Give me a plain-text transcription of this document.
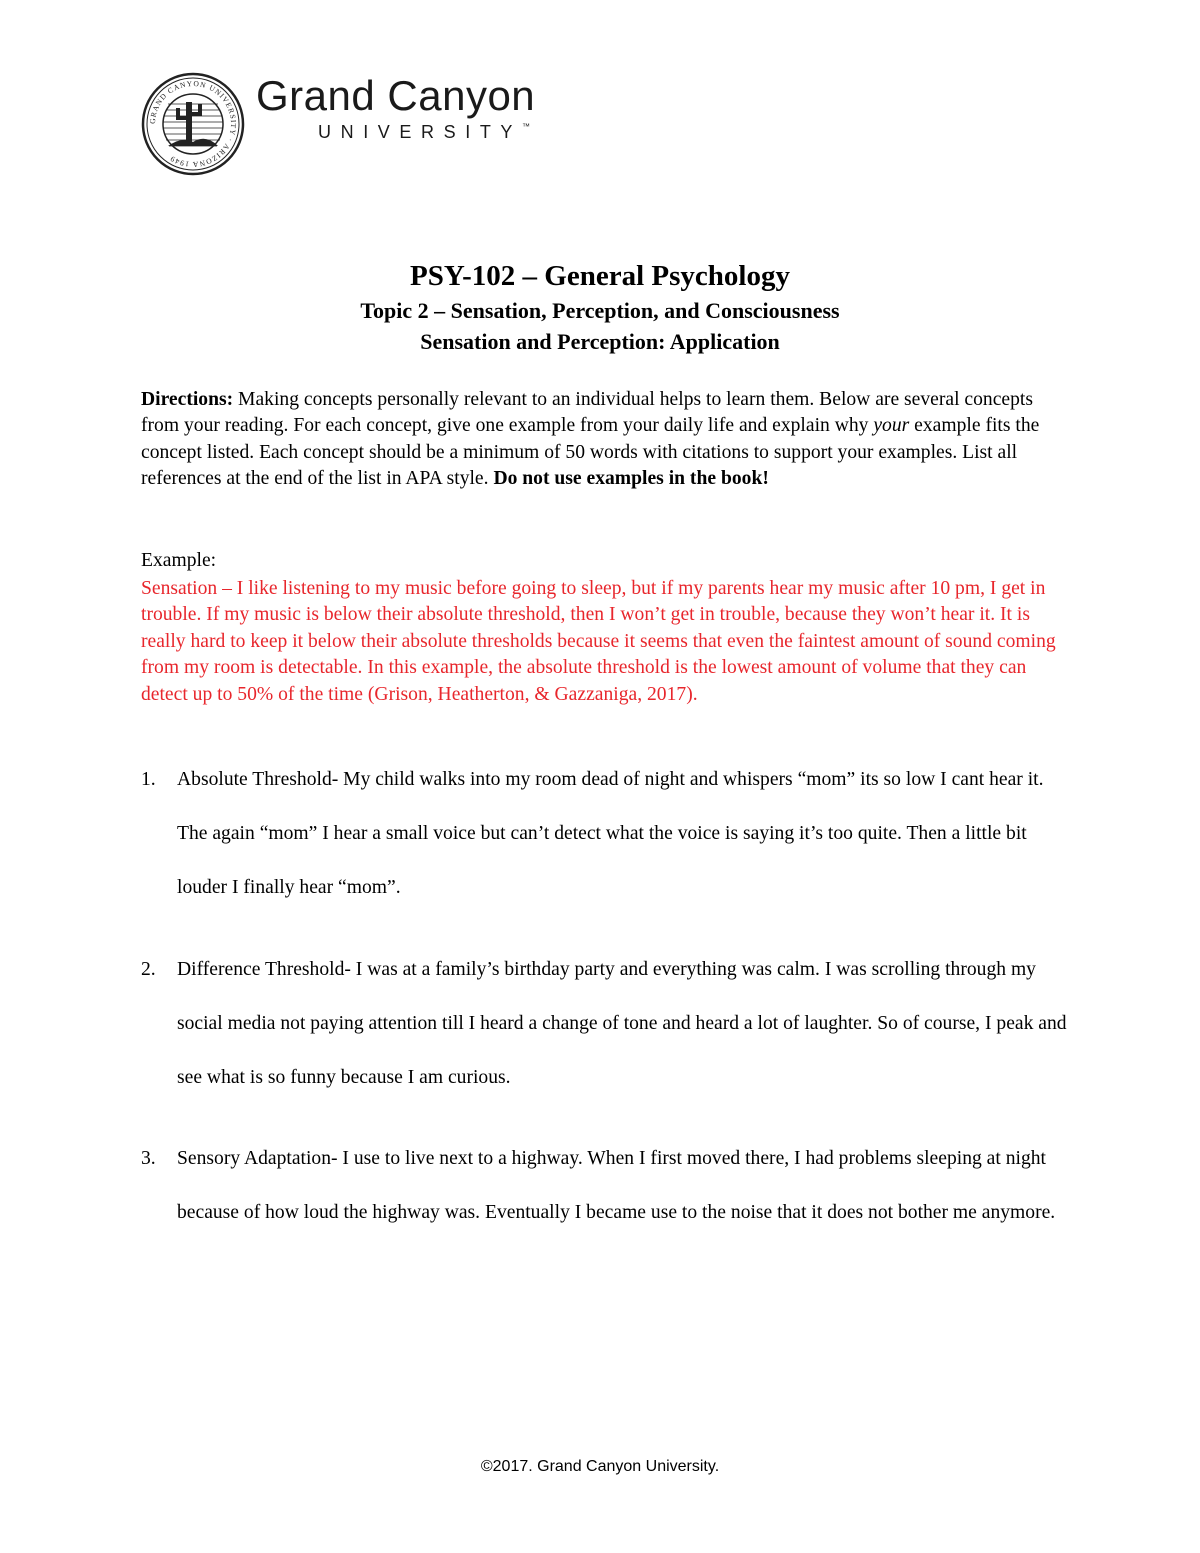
GRAND CANYON UNIVERSITY · ARIZONA 1949
Grand Canyon
UNIVERSITY™
PSY-102 – General Psychology
Topic 2 – Sensation, Perception, and Consciousness
Sensation and Perception: Application
Directions: Making concepts personally relevant to an individual helps to learn them. Below are several concepts from your reading. For each concept, give one example from your daily life and explain why your example fits the concept listed. Each concept should be a minimum of 50 words with citations to support your examples. List all references at the end of the list in APA style. Do not use examples in the book!
Example:
Sensation – I like listening to my music before going to sleep, but if my parents hear my music after 10 pm, I get in trouble. If my music is below their absolute threshold, then I won’t get in trouble, because they won’t hear it. It is really hard to keep it below their absolute thresholds because it seems that even the faintest amount of sound coming from my room is detectable. In this example, the absolute threshold is the lowest amount of volume that they can detect up to 50% of the time (Grison, Heatherton, & Gazzaniga, 2017).
1. Absolute Threshold- My child walks into my room dead of night and whispers “mom” its so low I cant hear it. The again “mom” I hear a small voice but can’t detect what the voice is saying it’s too quite. Then a little bit louder I finally hear “mom”.
2. Difference Threshold- I was at a family’s birthday party and everything was calm. I was scrolling through my social media not paying attention till I heard a change of tone and heard a lot of laughter. So of course, I peak and see what is so funny because I am curious.
3. Sensory Adaptation- I use to live next to a highway. When I first moved there, I had problems sleeping at night because of how loud the highway was. Eventually I became use to the noise that it does not bother me anymore.
©2017. Grand Canyon University.
